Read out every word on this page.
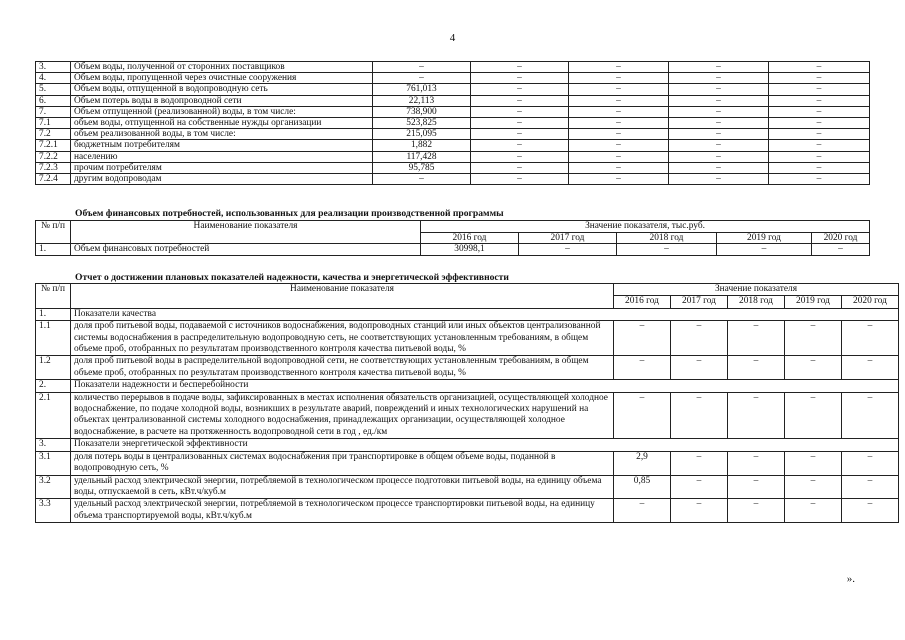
4
3.	Объем воды, полученной от сторонних поставщиков	–	–	–	–	–
4.	Объем воды, пропущенной через очистные сооружения	–	–	–	–	–
5.	Объем воды, отпущенной в водопроводную сеть	761,013	–	–	–	–
6.	Объем потерь воды в водопроводной сети	22,113	–	–	–	–
7.	Объем отпущенной (реализованной) воды, в том числе:	738,900	–	–	–	–
7.1	объем воды, отпущенной на собственные нужды организации	523,825	–	–	–	–
7.2	объем реализованной воды, в том числе:	215,095	–	–	–	–
7.2.1	бюджетным потребителям	1,882	–	–	–	–
7.2.2	населению	117,428	–	–	–	–
7.2.3	прочим потребителям	95,785	–	–	–	–
7.2.4	другим водопроводам	–	–	–	–	–
Объем финансовых потребностей, использованных для реализации производственной программы
№ п/п	Наименование показателя	Значение показателя, тыс.руб.				
		2016 год	2017 год	2018 год	2019 год	2020 год
1.	Объем финансовых потребностей	30998,1	–	–	–	–
Отчет о достижении плановых показателей надежности, качества и энергетической эффективности
№ п/п	Наименование показателя	Значение показателя				
		2016 год	2017 год	2018 год	2019 год	2020 год
1.	Показатели качества					
1.1	доля проб питьевой воды, подаваемой с источников водоснабжения, водопроводных станций или иных объектов централизованной системы водоснабжения в распределительную водопроводную сеть, не соответствующих установленным требованиям, в общем объеме проб, отобранных по результатам производственного контроля качества питьевой воды, %	–	–	–	–	–
1.2	доля проб питьевой воды в распределительной водопроводной сети, не соответствующих установленным требованиям, в общем объеме проб, отобранных по результатам производственного контроля качества питьевой воды, %	–	–	–	–	–
2.	Показатели надежности и бесперебойности					
2.1	количество перерывов в подаче воды, зафиксированных в местах исполнения обязательств организацией, осуществляющей холодное водоснабжение, по подаче холодной воды, возникших в результате аварий, повреждений и иных технологических нарушений на объектах централизованной системы холодного водоснабжения, принадлежащих организации, осуществляющей холодное водоснабжение, в расчете на протяженность водопроводной сети в год , ед./км	–	–	–	–	–
3.	Показатели энергетической эффективности					
3.1	доля потерь воды в централизованных системах водоснабжения при транспортировке в общем объеме воды, поданной в водопроводную сеть, %	2,9	–	–	–	–
3.2	удельный расход электрической энергии, потребляемой в технологическом процессе подготовки питьевой воды, на единицу объема воды, отпускаемой в сеть, кВт.ч/куб.м	0,85	–	–	–	–
3.3	удельный расход электрической энергии, потребляемой в технологическом процессе транспортировки питьевой воды, на единицу объема транспортируемой воды, кВт.ч/куб.м	–	–	–	–	–
».
